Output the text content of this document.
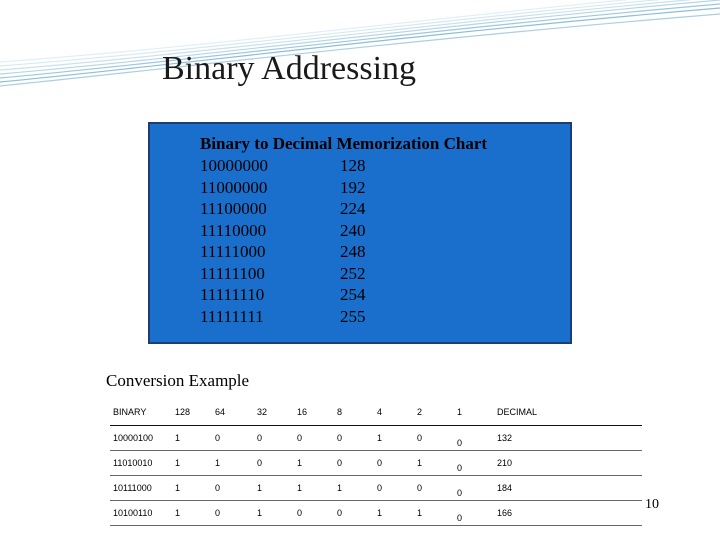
Binary Addressing
Binary to Decimal Memorization Chart
10000000	128
11000000	192
11100000	224
11110000	240
11111000	248
11111100	252
11111110	254
11111111	255
Conversion Example
BINARY	128	64	32	16	8	4	2	1	DECIMAL
10000100	1	0	0	0	0	1	0	0	132
11010010	1	1	0	1	0	0	1	0	210
10111000	1	0	1	1	1	0	0	0	184
10100110	1	0	1	0	0	1	1	0	166
10
